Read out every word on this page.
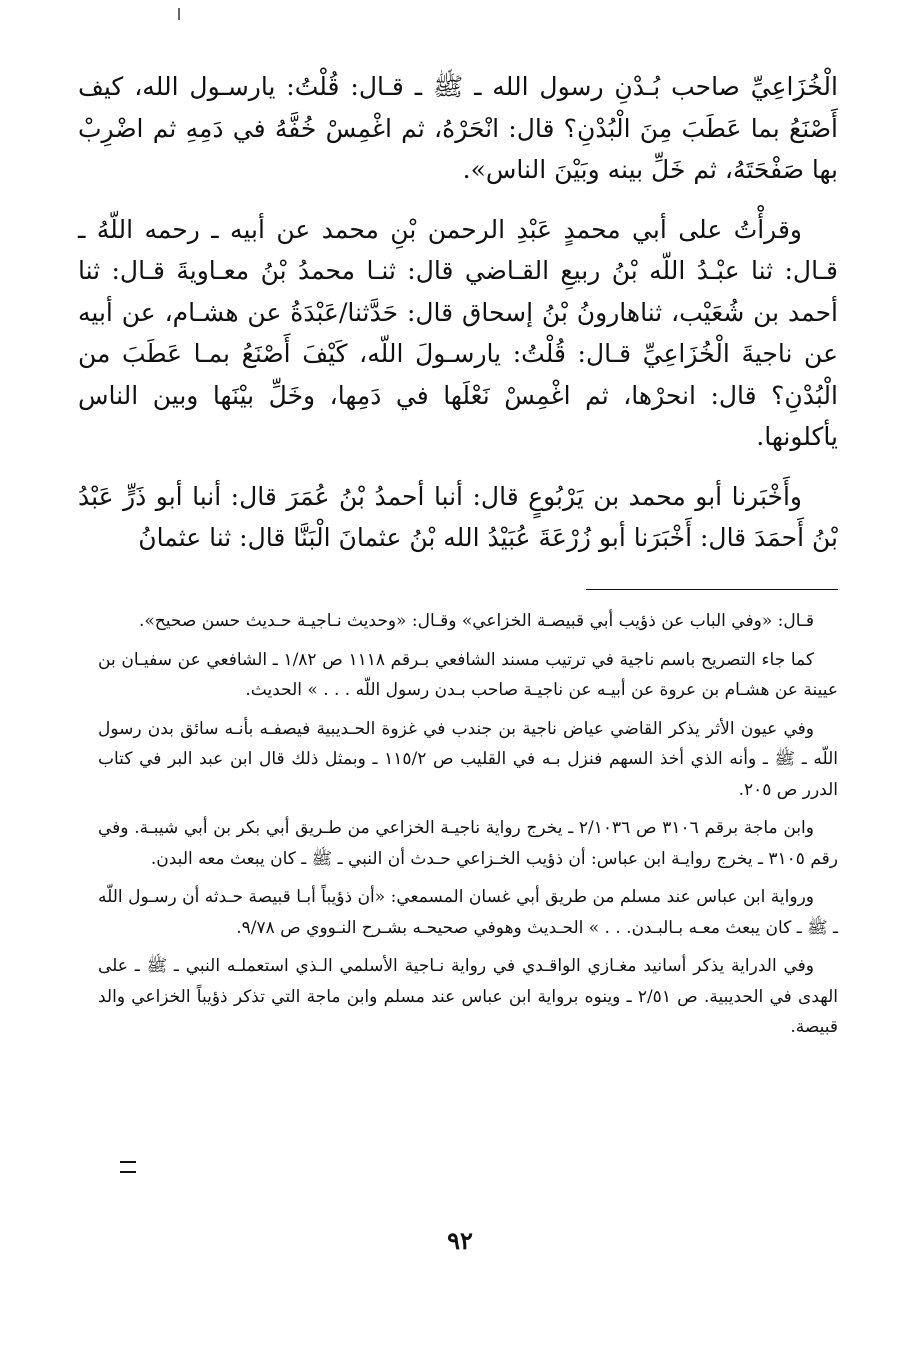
الْخُزَاعِيِّ صاحب بُـدْنِ رسول الله ـ ﷺ ـ قـال: قُلْتُ: يارسـول الله، كيف أَصْنَعُ بما عَطَبَ مِنَ الْبُدْنِ؟ قال: انْحَرْهُ، ثم اغْمِسْ خُفَّهُ في دَمِهِ ثم اضْرِبْ بها صَفْحَتَهُ، ثم خَلِّ بينه وبَيْنَ الناس».

وقرأْتُ على أبي محمدٍ عَبْدِ الرحمن بْنِ محمد عن أبيه ـ رحمه اللّهُ ـ قـال: ثنا عبْـدُ اللّه بْنُ ربيعِ القـاضي قال: ثنـا محمدُ بْنُ معـاويةَ قـال: ثنا أحمد بن شُعَيْب، ثناهارونُ بْنُ إسحاق قال: حَدَّثنا/عَبْدَةُ عن هشـام، عن أبيه عن ناجيةَ الْخُزَاعِيِّ قـال: قُلْتُ: يارسـولَ اللّه، كَيْفَ أَصْنَعُ بمـا عَطَبَ من الْبُدْنِ؟ قال: انحرْها، ثم اغْمِسْ نَعْلَها في دَمِها، وخَلِّ بيْنَها وبين الناس يأكلونها.

وأَخْبَرنا أبو محمد بن يَرْبُوعٍ قال: أنبا أحمدُ بْنُ عُمَرَ قال: أنبا أبو ذَرٍّ عَبْدُ بْنُ أَحمَدَ قال: أَخْبَرَنا أبو زُرْعَةَ عُبَيْدُ الله بْنُ عثمانَ الْبَنَّا قال: ثنا عثمانُ

قـال: «وفي الباب عن ذؤيب أبي قبيصـة الخزاعي» وقـال: «وحديث نـاجيـة حـديث حسن صحيح».

كما جاء التصريح باسم ناجية في ترتيب مسند الشافعي بـرقم ١١١٨ ص ١/٨٢ ـ الشافعي عن سفيـان بن عيينة عن هشـام بن عروة عن أبيـه عن ناجيـة صاحب بـدن رسول اللّه . . . » الحديث.

وفي عيون الأثر يذكر القاضي عياض ناجية بن جندب في غزوة الحـديبية فيصفـه بأنـه سائق بدن رسول اللّه ـ ﷺ ـ وأنه الذي أخذ السهم فنزل بـه في القليب ص ١١٥/٢ ـ وبمثل ذلك قال ابن عبد البر في كتاب الدرر ص ٢٠٥.

وابن ماجة برقم ٣١٠٦ ص ٢/١٠٣٦ ـ يخرج رواية ناجيـة الخزاعي من طـريق أبي بكر بن أبي شيبـة. وفي رقم ٣١٠٥ ـ يخرج روايـة ابن عباس: أن ذؤيب الخـزاعي حـدث أن النبي ـ ﷺ ـ كان يبعث معه البدن.

ورواية ابن عباس عند مسلم من طريق أبي غسان المسمعي: «أن ذؤيباً أبـا قبيصة حـدثه أن رسـول اللّه ـ ﷺ ـ كان يبعث معـه بـالبـدن. . . » الحـديث وهوفي صحيحـه بشـرح النـووي ص ٩/٧٨.

وفي الدراية يذكر أسانيد مغـازي الواقـدي في رواية نـاجية الأسلمي الـذي استعملـه النبي ـ ﷺ ـ على الهدى في الحديبية. ص ٢/٥١ ـ وينوه برواية ابن عباس عند مسلم وابن ماجة التي تذكر ذؤيباً الخزاعي والد قبيصة.

٩٢
